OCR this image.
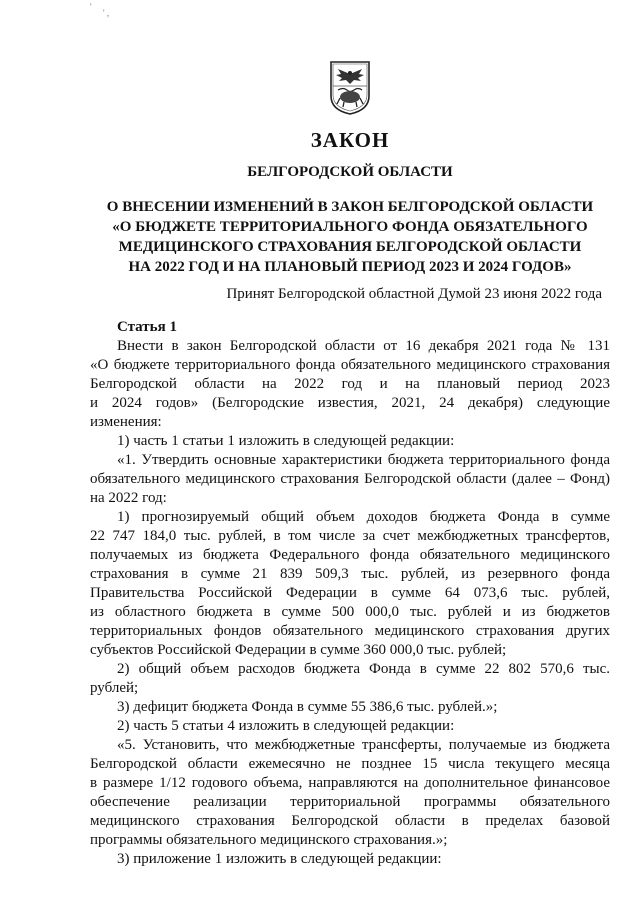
'
' ,
ЗАКОН
БЕЛГОРОДСКОЙ ОБЛАСТИ
О ВНЕСЕНИИ ИЗМЕНЕНИЙ В ЗАКОН БЕЛГОРОДСКОЙ ОБЛАСТИ
«О БЮДЖЕТЕ ТЕРРИТОРИАЛЬНОГО ФОНДА ОБЯЗАТЕЛЬНОГО
МЕДИЦИНСКОГО СТРАХОВАНИЯ БЕЛГОРОДСКОЙ ОБЛАСТИ
НА 2022 ГОД И НА ПЛАНОВЫЙ ПЕРИОД 2023 И 2024 ГОДОВ»
Принят Белгородской областной Думой 23 июня 2022 года
Статья 1
Внести в закон Белгородской области от 16 декабря 2021 года № 131
«О бюджете территориального фонда обязательного медицинского страхования
Белгородской области на 2022 год и на плановый период 2023
и 2024 годов» (Белгородские известия, 2021, 24 декабря) следующие
изменения:
1) часть 1 статьи 1 изложить в следующей редакции:
«1. Утвердить основные характеристики бюджета территориального фонда
обязательного медицинского страхования Белгородской области (далее – Фонд)
на 2022 год:
1) прогнозируемый общий объем доходов бюджета Фонда в сумме
22 747 184,0 тыс. рублей, в том числе за счет межбюджетных трансфертов,
получаемых из бюджета Федерального фонда обязательного медицинского
страхования в сумме 21 839 509,3 тыс. рублей, из резервного фонда
Правительства Российской Федерации в сумме 64 073,6 тыс. рублей,
из областного бюджета в сумме 500 000,0 тыс. рублей и из бюджетов
территориальных фондов обязательного медицинского страхования других
субъектов Российской Федерации в сумме 360 000,0 тыс. рублей;
2) общий объем расходов бюджета Фонда в сумме 22 802 570,6 тыс.
рублей;
3) дефицит бюджета Фонда в сумме 55 386,6 тыс. рублей.»;
2) часть 5 статьи 4 изложить в следующей редакции:
«5. Установить, что межбюджетные трансферты, получаемые из бюджета
Белгородской области ежемесячно не позднее 15 числа текущего месяца
в размере 1/12 годового объема, направляются на дополнительное финансовое
обеспечение реализации территориальной программы обязательного
медицинского страхования Белгородской области в пределах базовой
программы обязательного медицинского страхования.»;
3) приложение 1 изложить в следующей редакции:
